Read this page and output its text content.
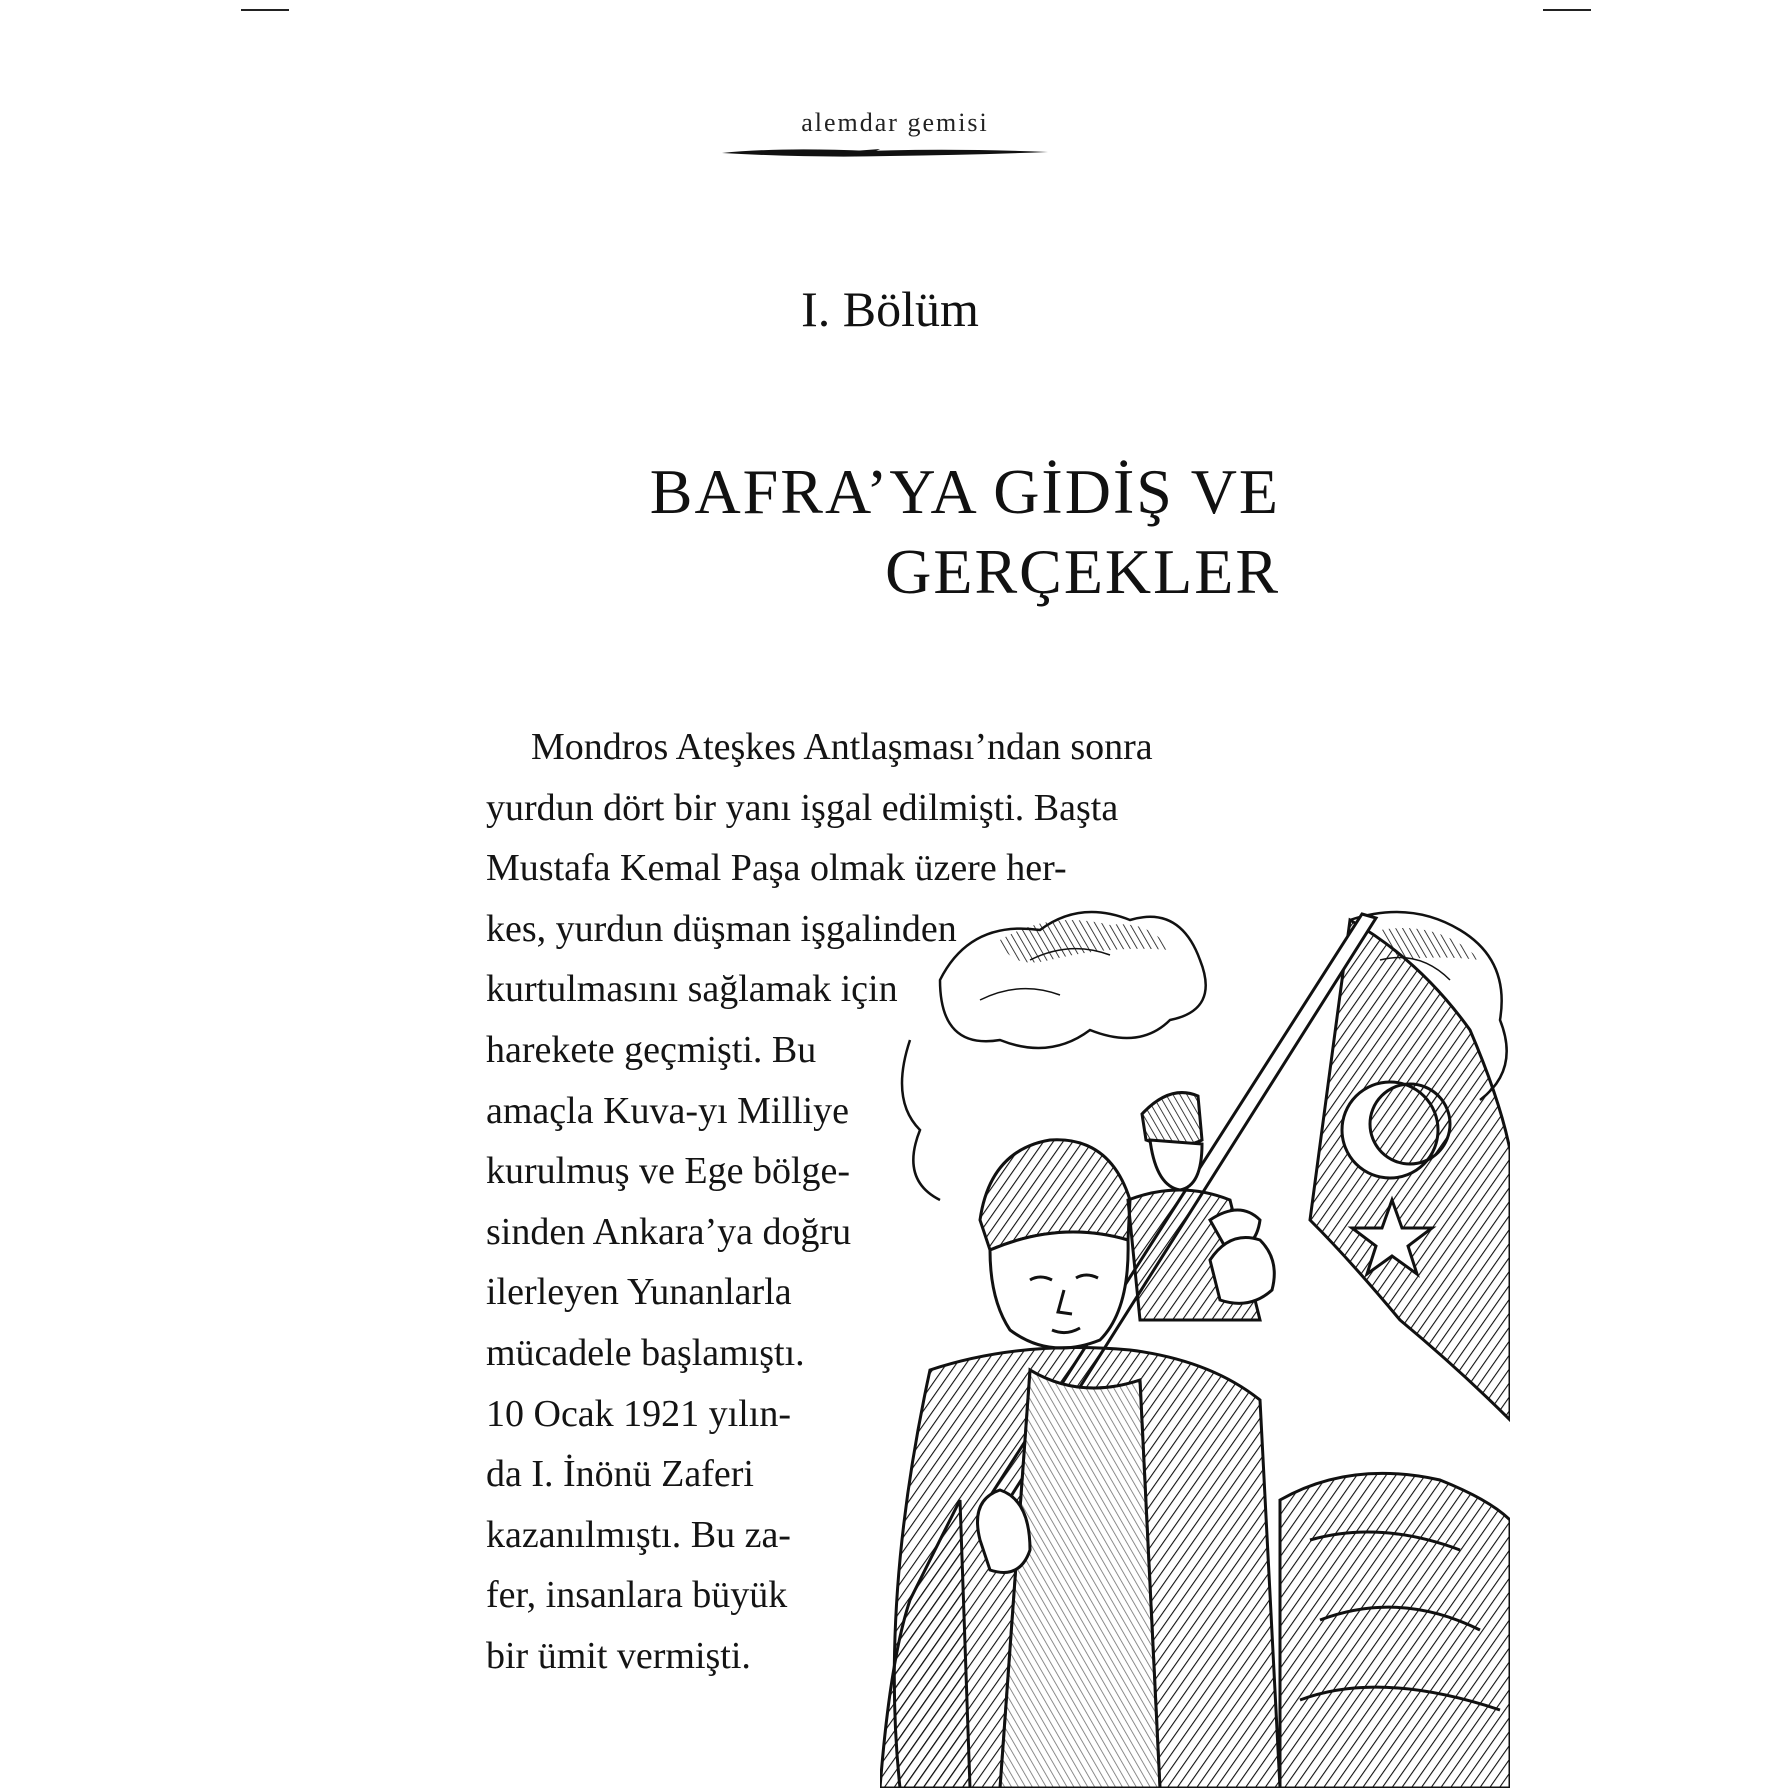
alemdar gemisi
I. Bölüm
BAFRA’YA GİDİŞ VE
GERÇEKLER
Mondros Ateşkes Antlaşması’ndan sonra
yurdun dört bir yanı işgal edilmişti. Başta
Mustafa Kemal Paşa olmak üzere her-
kes, yurdun düşman işgalinden
kurtulmasını sağlamak için
harekete geçmişti. Bu
amaçla Kuva-yı Milliye
kurulmuş ve Ege bölge-
sinden Ankara’ya doğru
ilerleyen Yunanlarla
mücadele başlamıştı.
10 Ocak 1921 yılın-
da I. İnönü Zaferi
kazanılmıştı. Bu za-
fer, insanlara büyük
bir ümit vermişti.
